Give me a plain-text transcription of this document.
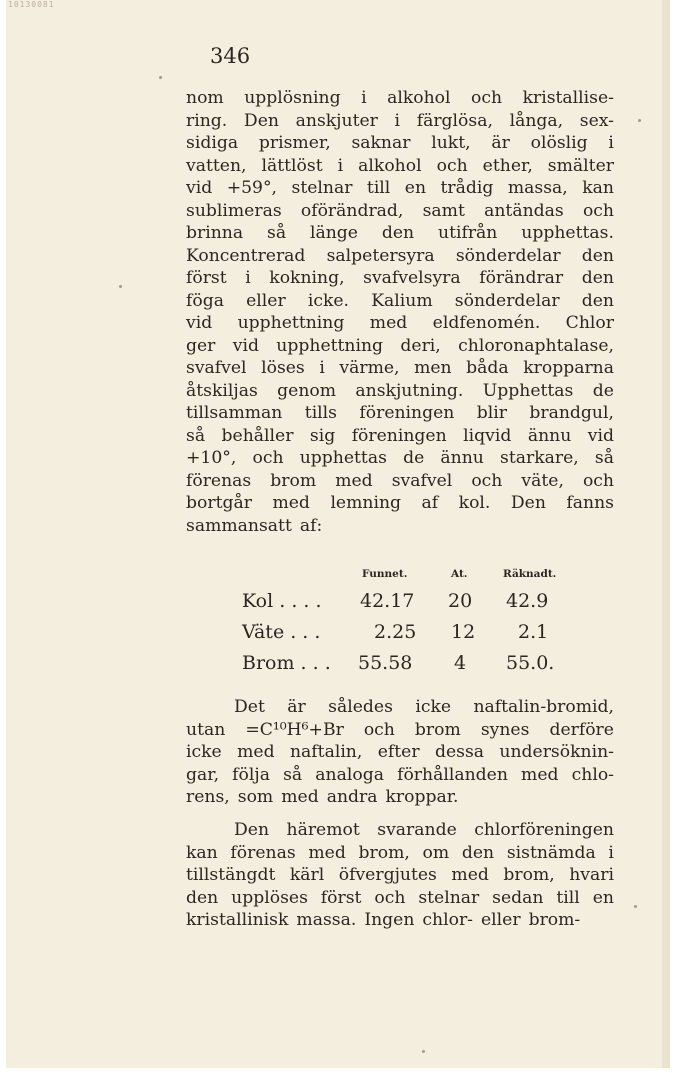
10130081
346
nom upplösning i alkohol och kristallise-
ring. Den anskjuter i färglösa, långa, sex-
sidiga prismer, saknar lukt, är olöslig i
vatten, lättlöst i alkohol och ether, smälter
vid +59°, stelnar till en trådig massa, kan
sublimeras oförändrad, samt antändas och
brinna så länge den utifrån upphettas.
Koncentrerad salpetersyra sönderdelar den
först i kokning, svafvelsyra förändrar den
föga eller icke. Kalium sönderdelar den
vid upphettning med eldfenomén. Chlor
ger vid upphettning deri, chloronaphtalase,
svafvel löses i värme, men båda kropparna
åtskiljas genom anskjutning. Upphettas de
tillsamman tills föreningen blir brandgul,
så behåller sig föreningen liqvid ännu vid
+10°, och upphettas de ännu starkare, så
förenas brom med svafvel och väte, och
bortgår med lemning af kol. Den fanns
sammansatt af:
Det är således icke naftalin-bromid,
utan =C¹⁰H⁶+Br och brom synes derföre
icke med naftalin, efter dessa undersöknin-
gar, följa så analoga förhållanden med chlo-
rens, som med andra kroppar.
Den häremot svarande chlorföreningen
kan förenas med brom, om den sistnämda i
tillstängdt kärl öfvergjutes med brom, hvari
den upplöses först och stelnar sedan till en
kristallinisk massa. Ingen chlor- eller brom-
Funnet.	At.	Räknadt.
Kol . . . . 42.17 20 42.9
Väte . . .	2.25 12 2.1
Brom . . . 55.58 4 55.0.
